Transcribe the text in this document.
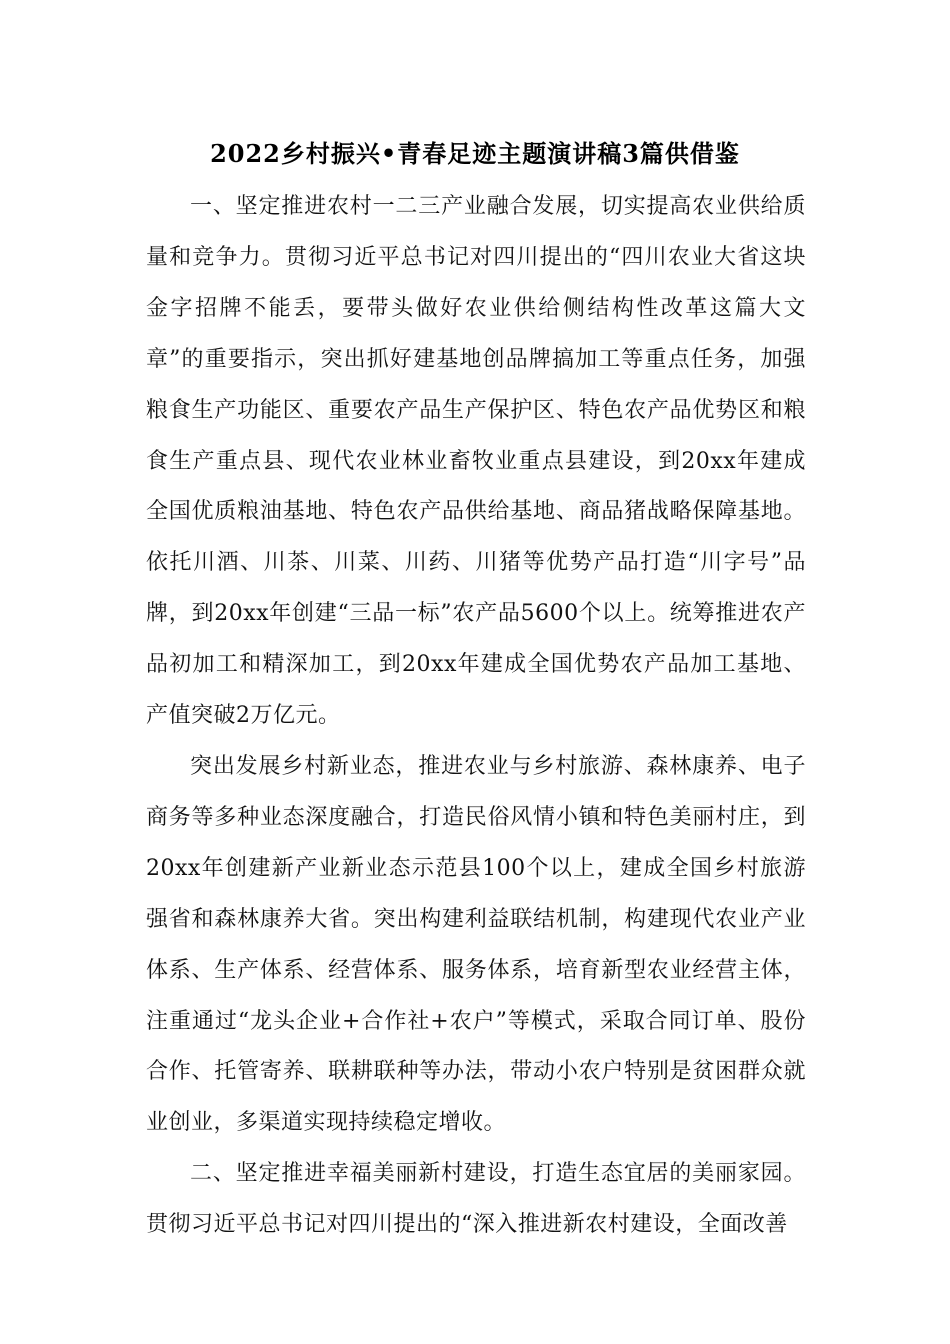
2022乡村振兴•青春足迹主题演讲稿3篇供借鉴

一、坚定推进农村一二三产业融合发展，切实提高农业供给质量和竞争力。贯彻习近平总书记对四川提出的“四川农业大省这块金字招牌不能丢，要带头做好农业供给侧结构性改革这篇大文章”的重要指示，突出抓好建基地创品牌搞加工等重点任务，加强粮食生产功能区、重要农产品生产保护区、特色农产品优势区和粮食生产重点县、现代农业林业畜牧业重点县建设，到20xx年建成全国优质粮油基地、特色农产品供给基地、商品猪战略保障基地。依托川酒、川茶、川菜、川药、川猪等优势产品打造“川字号”品牌，到20xx年创建“三品一标”农产品5600个以上。统筹推进农产品初加工和精深加工，到20xx年建成全国优势农产品加工基地、产值突破2万亿元。

突出发展乡村新业态，推进农业与乡村旅游、森林康养、电子商务等多种业态深度融合，打造民俗风情小镇和特色美丽村庄，到20xx年创建新产业新业态示范县100个以上，建成全国乡村旅游强省和森林康养大省。突出构建利益联结机制，构建现代农业产业体系、生产体系、经营体系、服务体系，培育新型农业经营主体，注重通过“龙头企业+合作社+农户”等模式，采取合同订单、股份合作、托管寄养、联耕联种等办法，带动小农户特别是贫困群众就业创业，多渠道实现持续稳定增收。

二、坚定推进幸福美丽新村建设，打造生态宜居的美丽家园。贯彻习近平总书记对四川提出的“深入推进新农村建设，全面改善
